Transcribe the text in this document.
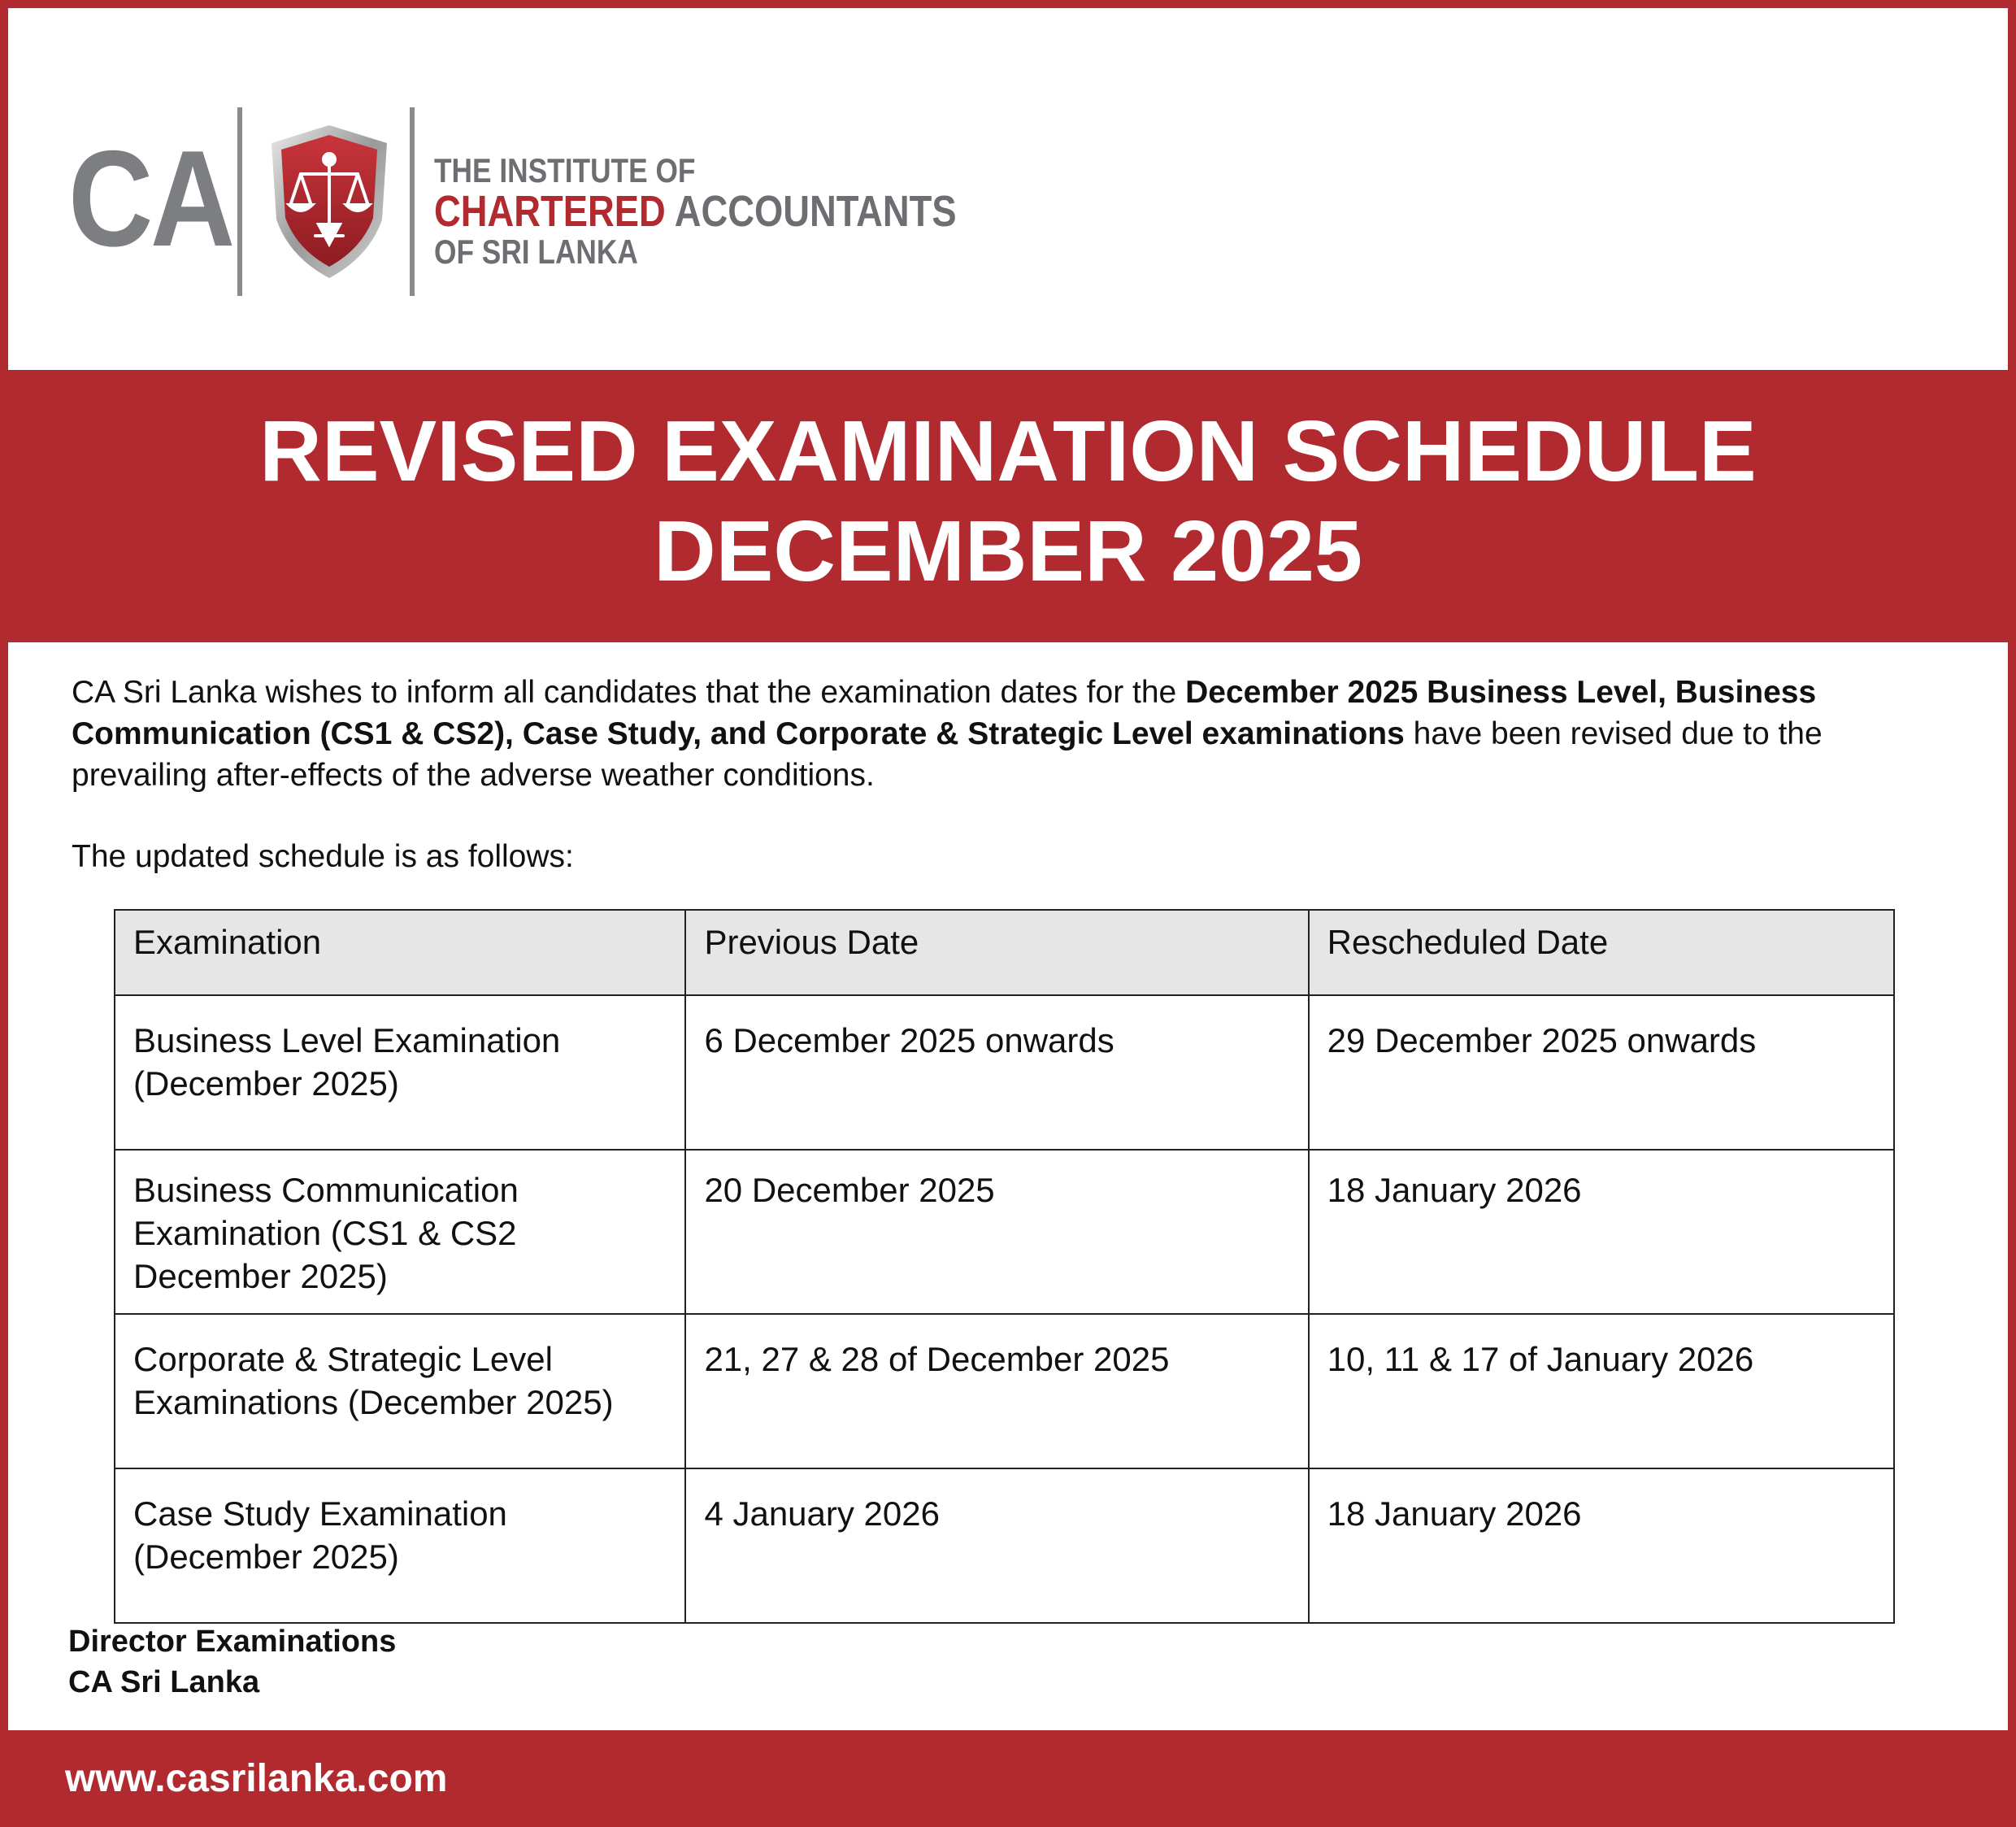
CA	THE INSTITUTE OF
CHARTERED ACCOUNTANTS
OF SRI LANKA
REVISED EXAMINATION SCHEDULE
DECEMBER 2025
CA Sri Lanka wishes to inform all candidates that the examination dates for the December 2025 Business Level, Business Communication (CS1 & CS2), Case Study, and Corporate & Strategic Level examinations have been revised due to the prevailing after-effects of the adverse weather conditions.
The updated schedule is as follows:
Examination	Previous Date	Rescheduled Date
Business Level Examination (December 2025)	6 December 2025 onwards	29 December 2025 onwards
Business Communication Examination (CS1 & CS2 December 2025)	20 December 2025	18 January 2026
Corporate & Strategic Level Examinations (December 2025)	21, 27 & 28 of December 2025	10, 11 & 17 of January 2026
Case Study Examination (December 2025)	4 January 2026	18 January 2026
Director Examinations
CA Sri Lanka
www.casrilanka.com
